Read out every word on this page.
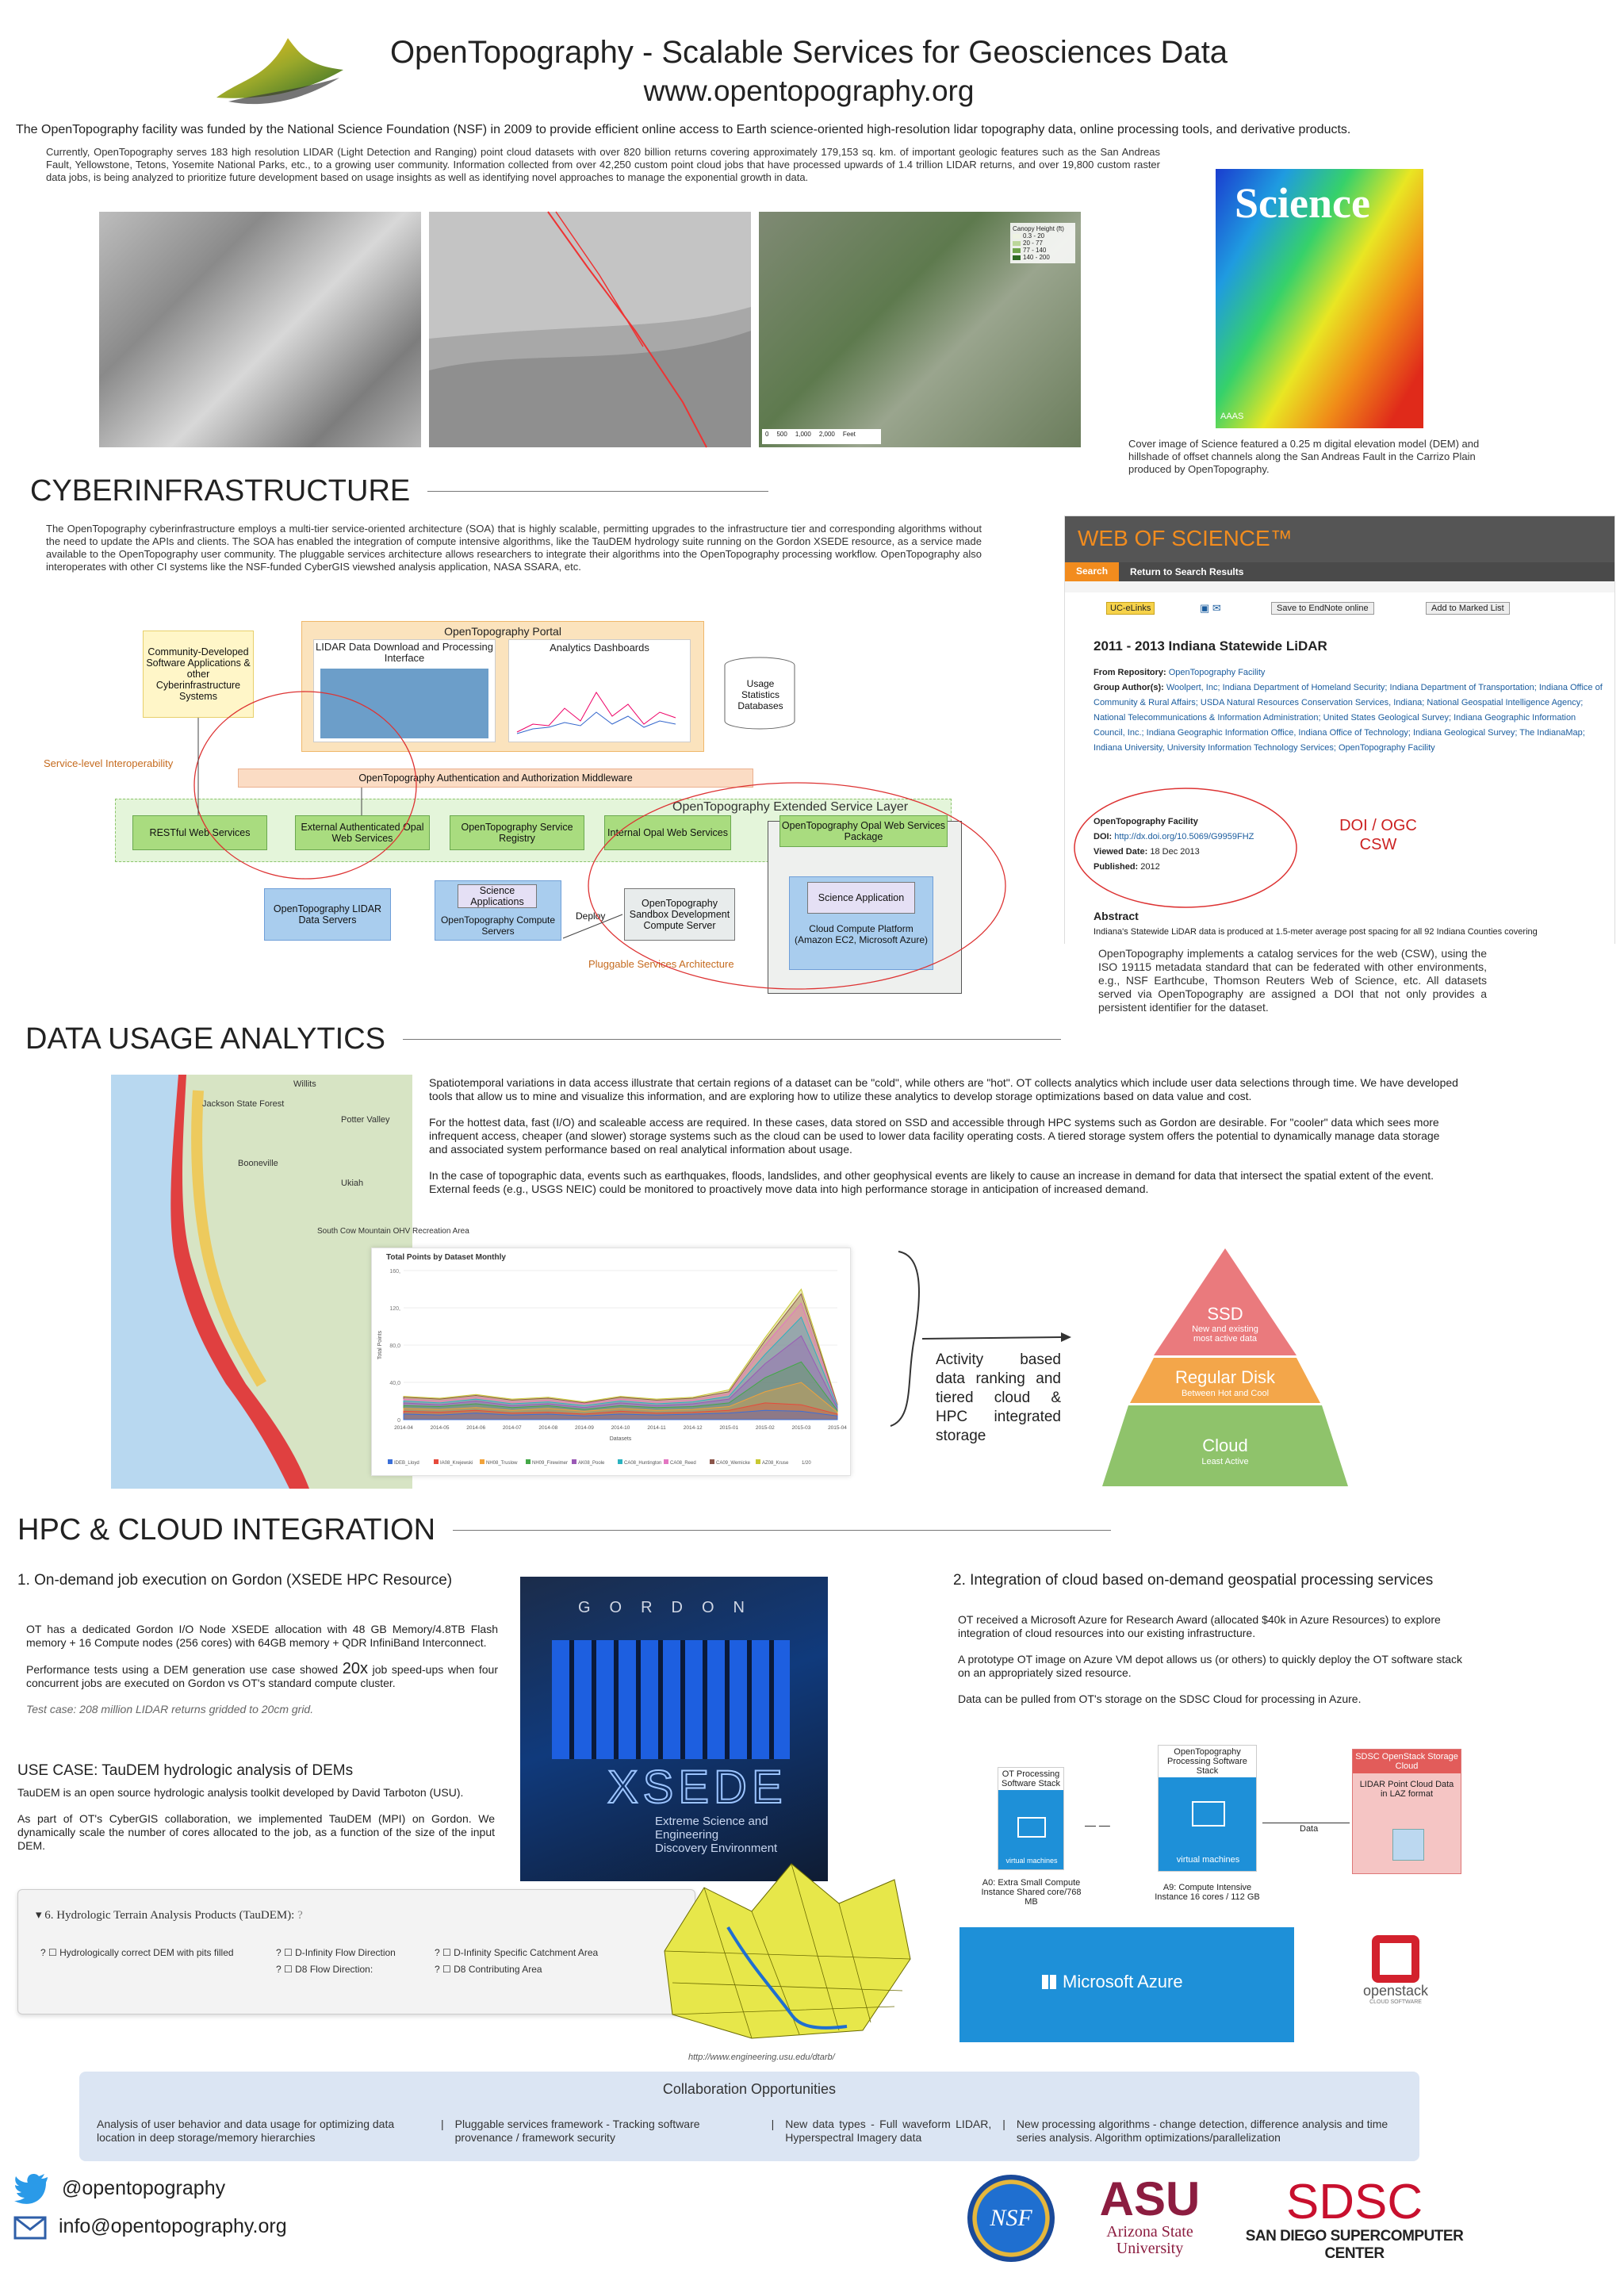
OpenTopography - Scalable Services for Geosciences Data
www.opentopography.org
The OpenTopography facility was funded by the National Science Foundation (NSF) in 2009 to provide efficient online access to Earth science-oriented high-resolution lidar topography data, online processing tools, and derivative products.
Currently, OpenTopography serves 183 high resolution LIDAR (Light Detection and Ranging) point cloud datasets with over 820 billion returns covering approximately 179,153 sq. km. of important geologic features such as the San Andreas Fault, Yellowstone, Tetons, Yosemite National Parks, etc., to a growing user community. Information collected from over 42,250 custom point cloud jobs that have processed upwards of 1.4 trillion LIDAR returns, and over 19,800 custom raster data jobs, is being analyzed to prioritize future development based on usage insights as well as identifying novel approaches to manage the exponential growth in data.
Canopy Height (ft)
0.3 - 20
20 - 77
77 - 140
140 - 200
0 500 1,000 2,000 Feet
Science
AAAS
Cover image of Science featured a 0.25 m digital elevation model (DEM) and hillshade of offset channels along the San Andreas Fault in the Carrizo Plain produced by OpenTopography.
CYBERINFRASTRUCTURE
The OpenTopography cyberinfrastructure employs a multi-tier service-oriented architecture (SOA) that is highly scalable, permitting upgrades to the infrastructure tier and corresponding algorithms without the need to update the APIs and clients. The SOA has enabled the integration of compute intensive algorithms, like the TauDEM hydrology suite running on the Gordon XSEDE resource, as a service made available to the OpenTopography user community. The pluggable services architecture allows researchers to integrate their algorithms into the OpenTopography processing workflow. OpenTopography also interoperates with other CI systems like the NSF-funded CyberGIS viewshed analysis application, NASA SSARA, etc.
Community-Developed Software Applications & other Cyberinfrastructure Systems
OpenTopography Portal
LIDAR Data Download and Processing Interface
Analytics Dashboards
Usage Statistics Databases
Service-level Interoperability
OpenTopography Authentication and Authorization Middleware
OpenTopography Extended Service Layer
RESTful Web Services	External Authenticated Opal Web Services
OpenTopography Service Registry	Internal Opal Web Services
OpenTopography Opal Web Services Package
OpenTopography LIDAR Data Servers
Science Applications
OpenTopography Compute Servers
Deploy
OpenTopography Sandbox Development Compute Server
Science Application
Cloud Compute Platform (Amazon EC2, Microsoft Azure)
Pluggable Services Architecture
WEB OF SCIENCE™
Search	Return to Search Results
UC-eLinks	▣ ✉	Save to EndNote online	Add to Marked List
2011 - 2013 Indiana Statewide LiDAR
From Repository: OpenTopography Facility
Group Author(s): Woolpert, Inc; Indiana Department of Homeland Security; Indiana Department of Transportation; Indiana Office of Community & Rural Affairs; USDA Natural Resources Conservation Services, Indiana; National Geospatial Intelligence Agency; National Telecommunications & Information Administration; United States Geological Survey; Indiana Geographic Information Council, Inc.; Indiana Geographic Information Office, Indiana Office of Technology; Indiana Geological Survey; The IndianaMap; Indiana University, University Information Technology Services; OpenTopography Facility
OpenTopography Facility
DOI: http://dx.doi.org/10.5069/G9959FHZ
Viewed Date: 18 Dec 2013
Published: 2012
DOI / OGC
CSW
Abstract
Indiana's Statewide LiDAR data is produced at 1.5-meter average post spacing for all 92 Indiana Counties covering
OpenTopography implements a catalog services for the web (CSW), using the ISO 19115 metadata standard that can be federated with other environments, e.g., NSF Earthcube, Thomson Reuters Web of Science, etc. All datasets served via OpenTopography are assigned a DOI that not only provides a persistent identifier for the dataset.
DATA USAGE ANALYTICS
Willits
Jackson State Forest
Potter Valley
Booneville
Ukiah
South Cow Mountain OHV Recreation Area

Spatiotemporal variations in data access illustrate that certain regions of a dataset can be "cold", while others are "hot". OT collects analytics which include user data selections through time. We have developed tools that allow us to mine and visualize this information, and are exploring how to utilize these analytics to develop storage optimizations based on data value and cost.

For the hottest data, fast (I/O) and scaleable access are required. In these cases, data stored on SSD and accessible through HPC systems such as Gordon are desirable. For "cooler" data which sees more infrequent access, cheaper (and slower) storage systems such as the cloud can be used to lower data facility operating costs. A tiered storage system offers the potential to dynamically manage data storage and associated system performance based on real analytical information about usage.

In the case of topographic data, events such as earthquakes, floods, landslides, and other geophysical events are likely to cause an increase in demand for data that intersect the spatial extent of the event. External feeds (e.g., USGS NEIC) could be monitored to proactively move data into high performance storage in anticipation of increased demand.

Total Points by Dataset Monthly
160,
120,
80,0
40,0
0
2014-04	2014-05	2014-06	2014-07	2014-08	2014-09	2014-10	2014-11	2014-12	2015-01	2015-02	2015-03	2015-04
Datasets
Total Points
IDEB_Lloyd	IA08_Krejewski	NH08_Truslow	NH09_Firewimer AK08_Poole	CA08_Huntington CA08_Reed	CA09_Wemicke	AZ08_Kruse	1/20
Activity based data ranking and tiered cloud & HPC integrated storage
SSD
New and existing most active data
Regular Disk
Between Hot and Cool
Cloud
Least Active
HPC & CLOUD INTEGRATION
1. On-demand job execution on Gordon (XSEDE HPC Resource)

OT has a dedicated Gordon I/O Node XSEDE allocation with 48 GB Memory/4.8TB Flash memory + 16 Compute nodes (256 cores) with 64GB memory + QDR InfiniBand Interconnect.

Performance tests using a DEM generation use case showed 20x job speed-ups when four concurrent jobs are executed on Gordon vs OT's standard compute cluster.

Test case: 208 million LIDAR returns gridded to 20cm grid.

USE CASE: TauDEM hydrologic analysis of DEMs

TauDEM is an open source hydrologic analysis toolkit developed by David Tarboton (USU).

As part of OT's CyberGIS collaboration, we implemented TauDEM (MPI) on Gordon. We dynamically scale the number of cores allocated to the job, as a function of the size of the input DEM.

GORDON
XSEDE
Extreme Science and Engineering
Discovery Environment
▾ 6. Hydrologic Terrain Analysis Products (TauDEM): ?
? ☐ Hydrologically correct DEM with pits filled	? ☐ D-Infinity Flow Direction
? ☐ D8 Flow Direction:
? ☐ D-Infinity Specific Catchment Area
? ☐ D8 Contributing Area
http://www.engineering.usu.edu/dtarb/
2. Integration of cloud based on-demand geospatial processing services

OT received a Microsoft Azure for Research Award (allocated $40k in Azure Resources) to explore integration of cloud resources into our existing infrastructure.

A prototype OT image on Azure VM depot allows us (or others) to quickly deploy the OT software stack on an appropriately sized resource.

Data can be pulled from OT's storage on the SDSC Cloud for processing in Azure.

OT Processing Software Stack
virtual machines
A0: Extra Small Compute Instance Shared core/768 MB
— —
OpenTopography Processing Software Stack
virtual machines
A9: Compute Intensive Instance 16 cores / 112 GB
Data
SDSC OpenStack Storage Cloud
LIDAR Point Cloud Data in LAZ format
Microsoft Azure	openstack
CLOUD SOFTWARE
Collaboration Opportunities
Analysis of user behavior and data usage for optimizing data location in deep storage/memory hierarchies
| Pluggable services framework - Tracking software provenance / framework security
| New data types - Full waveform LIDAR, Hyperspectral Imagery data
| New processing algorithms - change detection, difference analysis and time series analysis. Algorithm optimizations/parallelization
@opentopography
info@opentopography.org	NSF	ASU
Arizona State
University
SDSC
SAN DIEGO SUPERCOMPUTER CENTER
